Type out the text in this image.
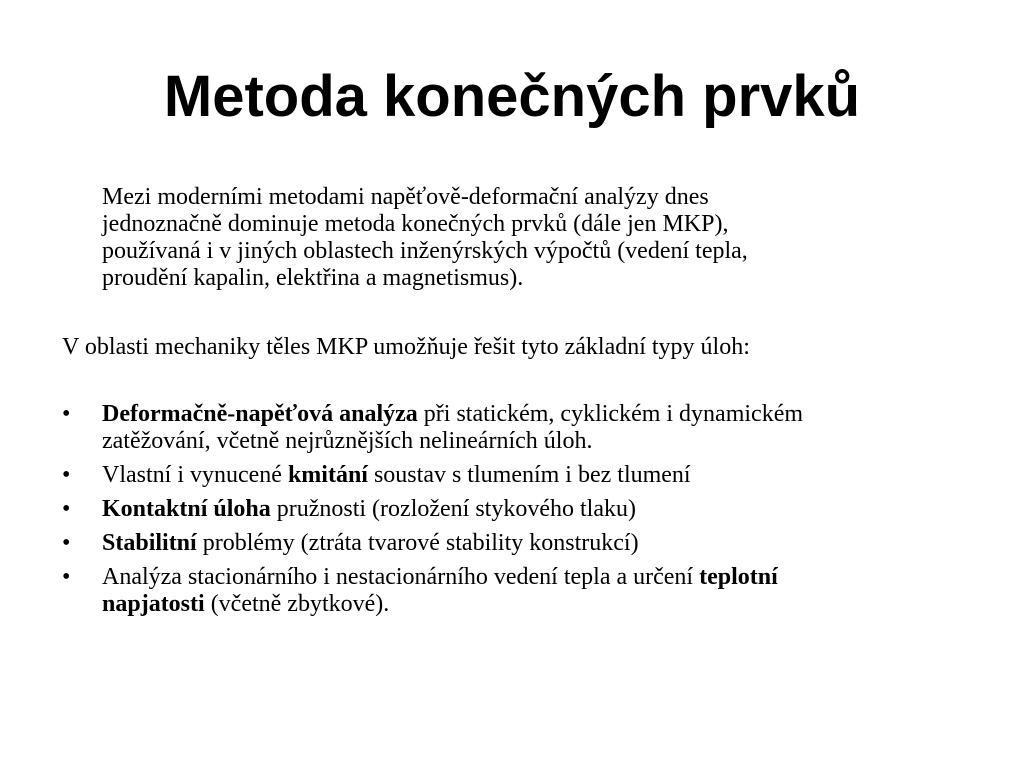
Metoda konečných prvků
Mezi moderními metodami napěťově-deformační analýzy dnes
jednoznačně dominuje metoda konečných prvků (dále jen MKP),
používaná i v jiných oblastech inženýrských výpočtů (vedení tepla,
proudění kapalin, elektřina a magnetismus).
V oblasti mechaniky těles MKP umožňuje řešit tyto základní typy úloh:
• Deformačně-napěťová analýza při statickém, cyklickém i dynamickém
zatěžování, včetně nejrůznějších nelineárních úloh.
• Vlastní i vynucené kmitání soustav s tlumením i bez tlumení
• Kontaktní úloha pružnosti (rozložení stykového tlaku)
• Stabilitní problémy (ztráta tvarové stability konstrukcí)
• Analýza stacionárního i nestacionárního vedení tepla a určení teplotní
napjatosti (včetně zbytkové).
